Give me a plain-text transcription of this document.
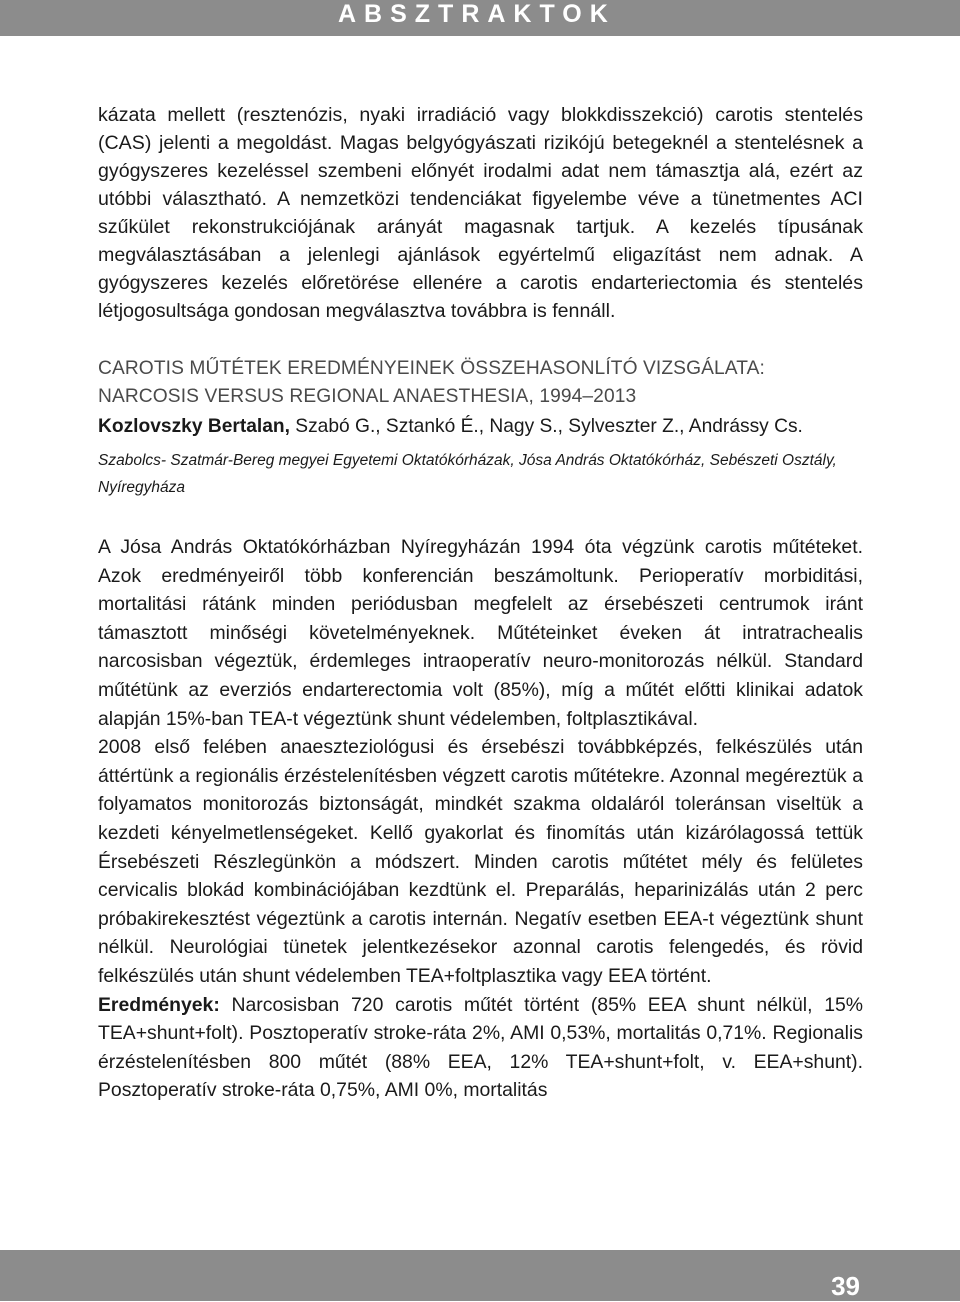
ABSZTRAKTOK

kázata mellett (resztenózis, nyaki irradiáció vagy blokkdisszekció) carotis stentelés (CAS) jelenti a megoldást. Magas belgyógyászati rizikójú betegeknél a stentelésnek a gyógyszeres kezeléssel szembeni előnyét irodalmi adat nem támasztja alá, ezért az utóbbi választható. A nemzetközi tendenciákat figyelembe véve a tünetmentes ACI szűkület rekonstrukciójának arányát magasnak tartjuk. A kezelés típusának megválasztásában a jelenlegi ajánlások egyértelmű eligazítást nem adnak. A gyógyszeres kezelés előretörése ellenére a carotis endarteriectomia és stentelés létjogosultsága gondosan megválasztva továbbra is fennáll.

CAROTIS MŰTÉTEK EREDMÉNYEINEK ÖSSZEHASONLÍTÓ VIZSGÁLATA:
NARCOSIS VERSUS REGIONAL ANAESTHESIA, 1994–2013
Kozlovszky Bertalan, Szabó G., Sztankó É., Nagy S., Sylveszter Z., Andrássy Cs.
Szabolcs- Szatmár-Bereg megyei Egyetemi Oktatókórházak, Jósa András Oktatókórház, Sebészeti Osztály, Nyíregyháza

A Jósa András Oktatókórházban Nyíregyházán 1994 óta végzünk carotis műtéteket. Azok eredményeiről több konferencián beszámoltunk. Perioperatív morbiditási, mortalitási rátánk minden periódusban megfelelt az érsebészeti centrumok iránt támasztott minőségi követelményeknek. Műtéteinket éveken át intratrachealis narcosisban végeztük, érdemleges intraoperatív neuro-monitorozás nélkül. Standard műtétünk az everziós endarterectomia volt (85%), míg a műtét előtti klinikai adatok alapján 15%-ban TEA-t végeztünk shunt védelemben, foltplasztikával.

2008 első felében anaeszteziológusi és érsebészi továbbképzés, felkészülés után áttértünk a regionális érzéstelenítésben végzett carotis műtétekre. Azonnal megéreztük a folyamatos monitorozás biztonságát, mindkét szakma oldaláról toleránsan viseltük a kezdeti kényelmetlenségeket. Kellő gyakorlat és finomítás után kizárólagossá tettük Érsebészeti Részlegünkön a módszert. Minden carotis műtétet mély és felületes cervicalis blokád kombinációjában kezdtünk el. Preparálás, heparinizálás után 2 perc próbakirekesztést végeztünk a carotis internán. Negatív esetben EEA-t végeztünk shunt nélkül. Neurológiai tünetek jelentkezésekor azonnal carotis felengedés, és rövid felkészülés után shunt védelemben TEA+foltplasztika vagy EEA történt.

Eredmények: Narcosisban 720 carotis műtét történt (85% EEA shunt nélkül, 15% TEA+shunt+folt). Posztoperatív stroke-ráta 2%, AMI 0,53%, mortalitás 0,71%. Regionalis érzéstelenítésben 800 műtét (88% EEA, 12% TEA+shunt+folt, v. EEA+shunt). Posztoperatív stroke-ráta 0,75%, AMI 0%, mortalitás

39
